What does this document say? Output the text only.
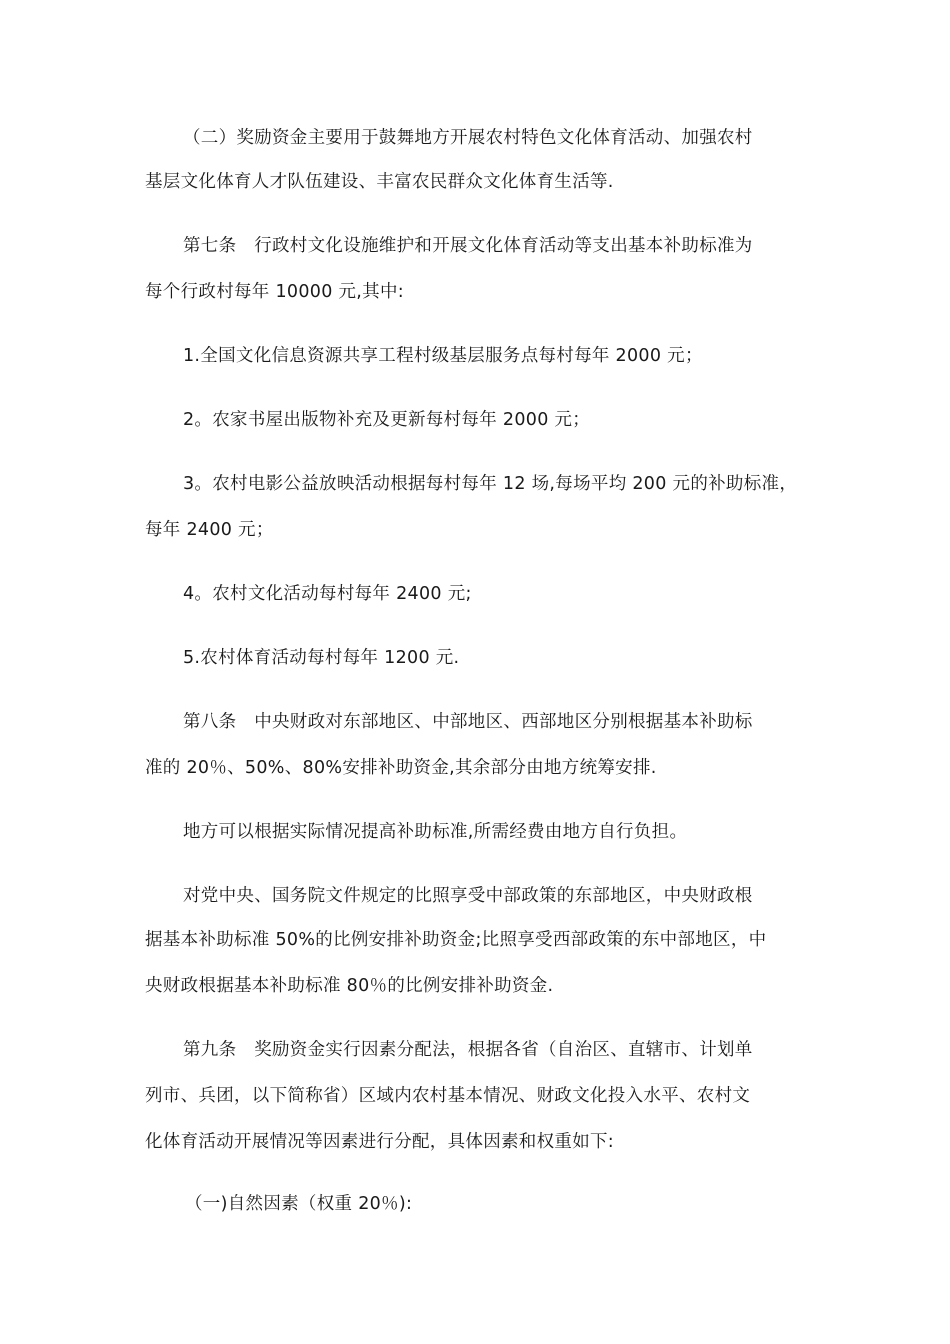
（二）奖励资金主要用于鼓舞地方开展农村特色文化体育活动、加强农村
基层文化体育人才队伍建设、丰富农民群众文化体育生活等.
第七条　行政村文化设施维护和开展文化体育活动等支出基本补助标准为
每个行政村每年 10000 元,其中:
1.全国文化信息资源共享工程村级基层服务点每村每年 2000 元；
2。农家书屋出版物补充及更新每村每年 2000 元；
3。农村电影公益放映活动根据每村每年 12 场,每场平均 200 元的补助标准，
每年 2400 元；
4。农村文化活动每村每年 2400 元;
5.农村体育活动每村每年 1200 元.
第八条　中央财政对东部地区、中部地区、西部地区分别根据基本补助标
准的 20％、50%、80%安排补助资金,其余部分由地方统筹安排.
地方可以根据实际情况提高补助标准,所需经费由地方自行负担。
对党中央、国务院文件规定的比照享受中部政策的东部地区，中央财政根
据基本补助标准 50%的比例安排补助资金;比照享受西部政策的东中部地区，中
央财政根据基本补助标准 80％的比例安排补助资金.
第九条　奖励资金实行因素分配法，根据各省（自治区、直辖市、计划单
列市、兵团，以下简称省）区域内农村基本情况、财政文化投入水平、农村文
化体育活动开展情况等因素进行分配，具体因素和权重如下:
（一)自然因素（权重 20％):
